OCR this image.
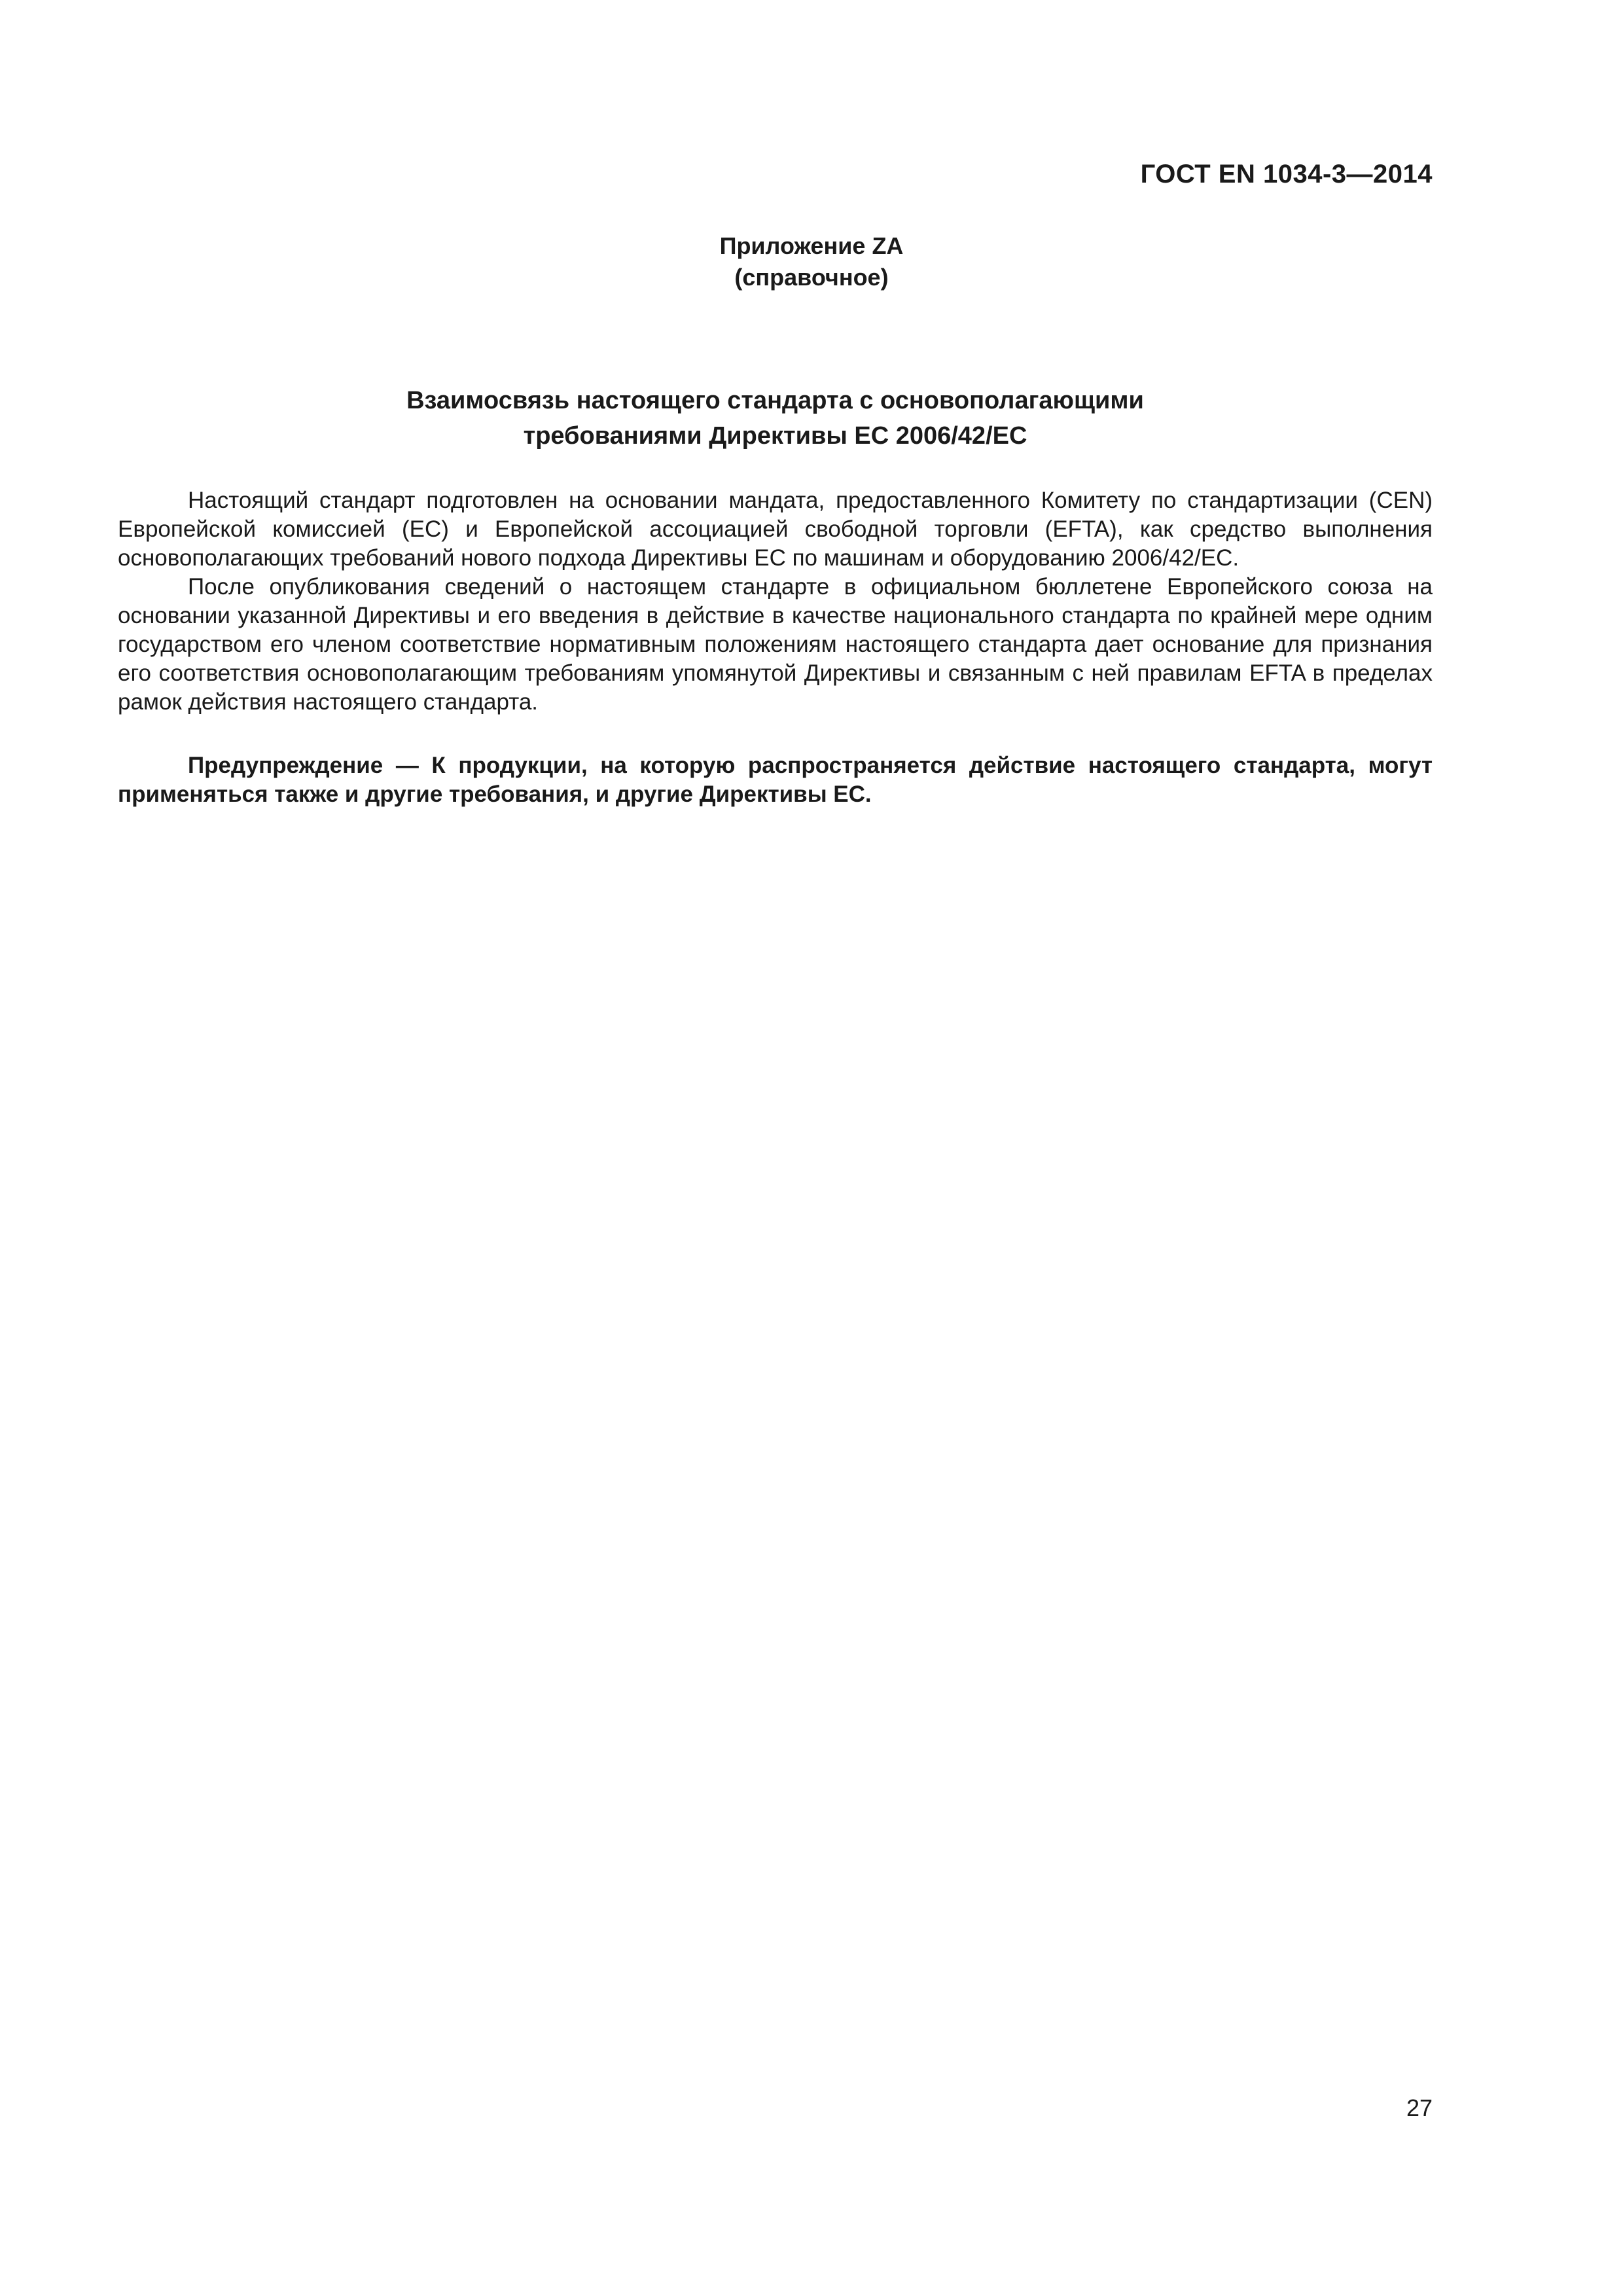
ГОСТ EN 1034-3—2014
Приложение ZA
(справочное)
Взаимосвязь настоящего стандарта с основополагающими
требованиями Директивы ЕС 2006/42/ЕС

Настоящий стандарт подготовлен на основании мандата, предоставленного Комитету по стандартизации (CEN) Европейской комиссией (ЕС) и Европейской ассоциацией свободной торговли (EFTA), как средство выполнения основополагающих требований нового подхода Директивы ЕС по машинам и оборудованию 2006/42/ЕС.

После опубликования сведений о настоящем стандарте в официальном бюллетене Европейского союза на основании указанной Директивы и его введения в действие в качестве национального стандарта по крайней мере одним государством его членом соответствие нормативным положениям настоящего стандарта дает основание для признания его соответствия основополагающим требованиям упомянутой Директивы и связанным с ней правилам EFTA в пределах рамок действия настоящего стандарта.

Предупреждение — К продукции, на которую распространяется действие настоящего стандарта, могут применяться также и другие требования, и другие Директивы ЕС.

27
